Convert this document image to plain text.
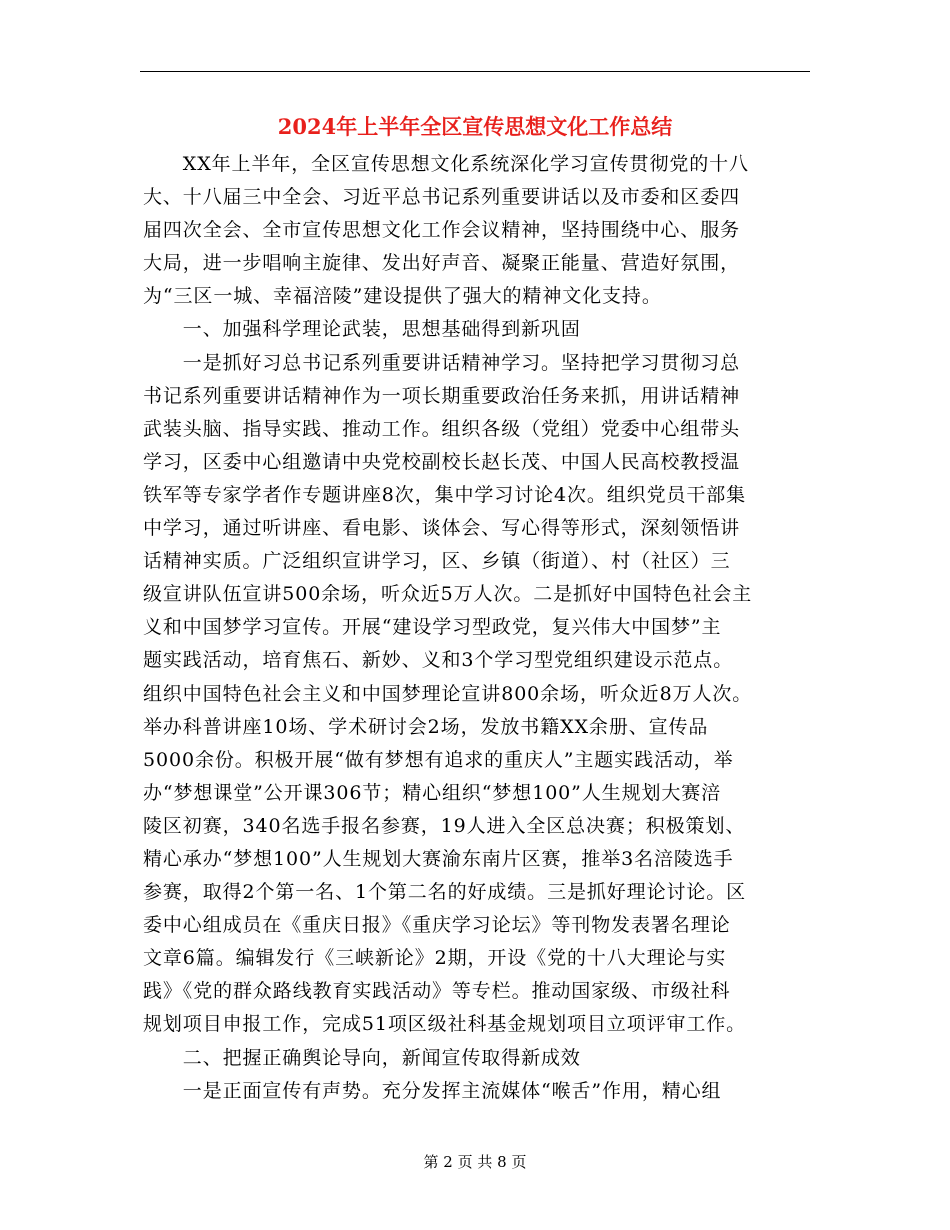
2024年上半年全区宣传思想文化工作总结
　　XX年上半年，全区宣传思想文化系统深化学习宣传贯彻党的十八
大、十八届三中全会、习近平总书记系列重要讲话以及市委和区委四
届四次全会、全市宣传思想文化工作会议精神，坚持围绕中心、服务
大局，进一步唱响主旋律、发出好声音、凝聚正能量、营造好氛围，
为“三区一城、幸福涪陵”建设提供了强大的精神文化支持。
　　一、加强科学理论武装，思想基础得到新巩固
　　一是抓好习总书记系列重要讲话精神学习。坚持把学习贯彻习总
书记系列重要讲话精神作为一项长期重要政治任务来抓，用讲话精神
武装头脑、指导实践、推动工作。组织各级（党组）党委中心组带头
学习，区委中心组邀请中央党校副校长赵长茂、中国人民高校教授温
铁军等专家学者作专题讲座8次，集中学习讨论4次。组织党员干部集
中学习，通过听讲座、看电影、谈体会、写心得等形式，深刻领悟讲
话精神实质。广泛组织宣讲学习，区、乡镇（街道）、村（社区）三
级宣讲队伍宣讲500余场，听众近5万人次。二是抓好中国特色社会主
义和中国梦学习宣传。开展“建设学习型政党，复兴伟大中国梦”主
题实践活动，培育焦石、新妙、义和3个学习型党组织建设示范点。
组织中国特色社会主义和中国梦理论宣讲800余场，听众近8万人次。
举办科普讲座10场、学术研讨会2场，发放书籍XX余册、宣传品
5000余份。积极开展“做有梦想有追求的重庆人”主题实践活动，举
办“梦想课堂”公开课306节；精心组织“梦想100”人生规划大赛涪
陵区初赛，340名选手报名参赛，19人进入全区总决赛；积极策划、
精心承办“梦想100”人生规划大赛渝东南片区赛，推举3名涪陵选手
参赛，取得2个第一名、1个第二名的好成绩。三是抓好理论讨论。区
委中心组成员在《重庆日报》《重庆学习论坛》等刊物发表署名理论
文章6篇。编辑发行《三峡新论》2期，开设《党的十八大理论与实
践》《党的群众路线教育实践活动》等专栏。推动国家级、市级社科
规划项目申报工作，完成51项区级社科基金规划项目立项评审工作。
　　二、把握正确舆论导向，新闻宣传取得新成效
　　一是正面宣传有声势。充分发挥主流媒体“喉舌”作用，精心组
第 2 页 共 8 页
